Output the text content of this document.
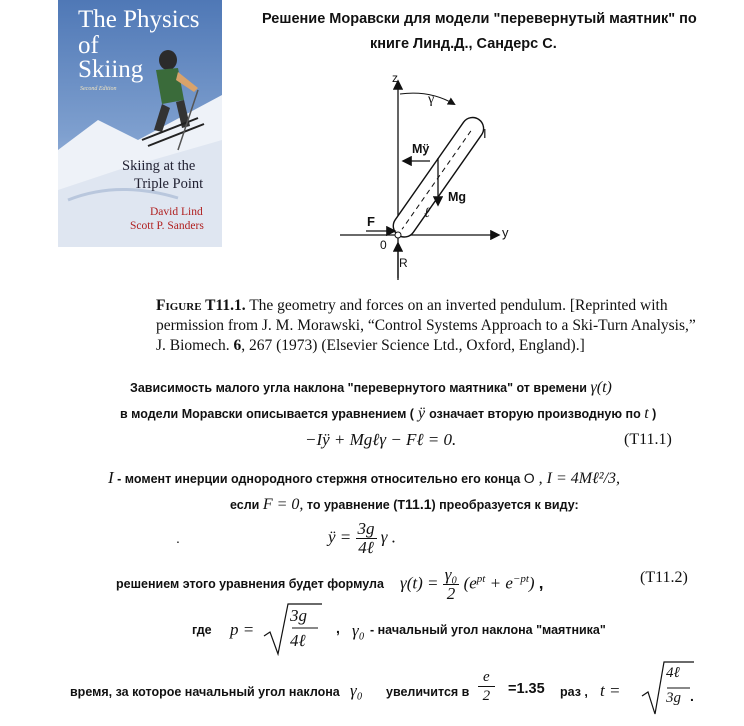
The Physics
of
Skiing
Second Edition
Skiing at the
Triple Point
David Lind
Scott P. Sanders
Решение Моравски для модели "перевернутый маятник" по
книге Линд.Д., Сандерс С.
z
γ
I
Mÿ
Mg
ℓ
F
y
0
R
Figure T11.1. The geometry and forces on an inverted pendulum. [Reprinted with permission from J. M. Morawski, “Control Systems Approach to a Ski-Turn Analysis,” J. Biomech. 6, 267 (1973) (Elsevier Science Ltd., Oxford, England).]
Зависимость малого угла наклона "перевернутого маятника" от времени γ(t)
в модели Моравски описывается уравнением ( ÿ означает вторую производную по t )
−Iÿ + Mgℓγ − Fℓ = 0.	(T11.1)
I - момент инерции однородного стержня относительно его конца O , I = 4Mℓ²/3,
если F = 0, то уравнение (Т11.1) преобразуется к виду:
.	ÿ = $\frac{3g}{\text{4ℓ}}$ γ .
решением этого уравнения будет формула $\gamma(t) = \frac{\text{γ₀}}{2} (e^{pt} + e^{-pt})$ ,	(T11.2)
где p =
3g
4ℓ
, γ₀ - начальный угол наклона "маятника"
время, за которое начальный угол наклона γ₀ увеличится в $\frac{e}{2} =1.35$ раз , t =
4ℓ
3g .
